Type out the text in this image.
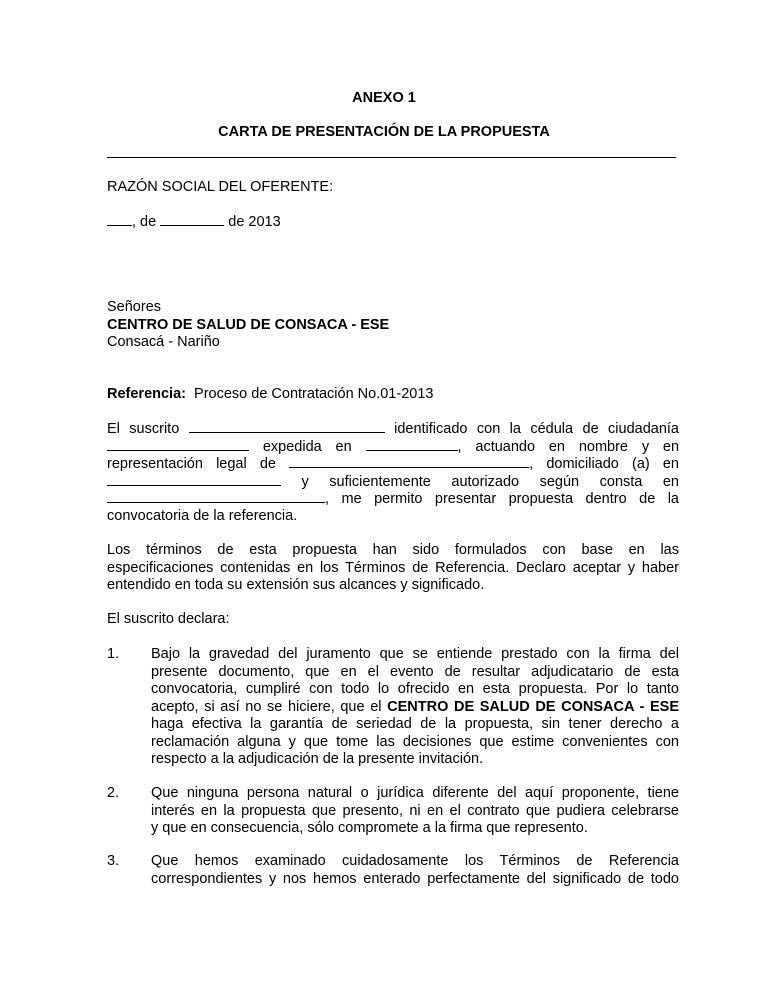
ANEXO 1
CARTA DE PRESENTACIÓN DE LA PROPUESTA
RAZÓN SOCIAL DEL OFERENTE:
, de	de 2013
Señores
CENTRO DE SALUD DE CONSACA - ESE
Consacá - Nariño
Referencia: Proceso de Contratación No.01-2013
El suscrito	identificado con la cédula de ciudadanía
expedida en	, actuando en nombre y en
representación legal de	, domiciliado (a) en
y suficientemente autorizado según consta en
, me permito presentar propuesta dentro de la
convocatoria de la referencia.
Los términos de esta propuesta han sido formulados con base en las
especificaciones contenidas en los Términos de Referencia. Declaro aceptar y haber
entendido en toda su extensión sus alcances y significado.
El suscrito declara:
1. Bajo la gravedad del juramento que se entiende prestado con la firma del
presente documento, que en el evento de resultar adjudicatario de esta
convocatoria, cumpliré con todo lo ofrecido en esta propuesta. Por lo tanto
acepto, si así no se hiciere, que el CENTRO DE SALUD DE CONSACA - ESE
haga efectiva la garantía de seriedad de la propuesta, sin tener derecho a
reclamación alguna y que tome las decisiones que estime convenientes con
respecto a la adjudicación de la presente invitación.
2. Que ninguna persona natural o jurídica diferente del aquí proponente, tiene
interés en la propuesta que presento, ni en el contrato que pudiera celebrarse
y que en consecuencia, sólo compromete a la firma que represento.
3. Que hemos examinado cuidadosamente los Términos de Referencia
correspondientes y nos hemos enterado perfectamente del significado de todo
